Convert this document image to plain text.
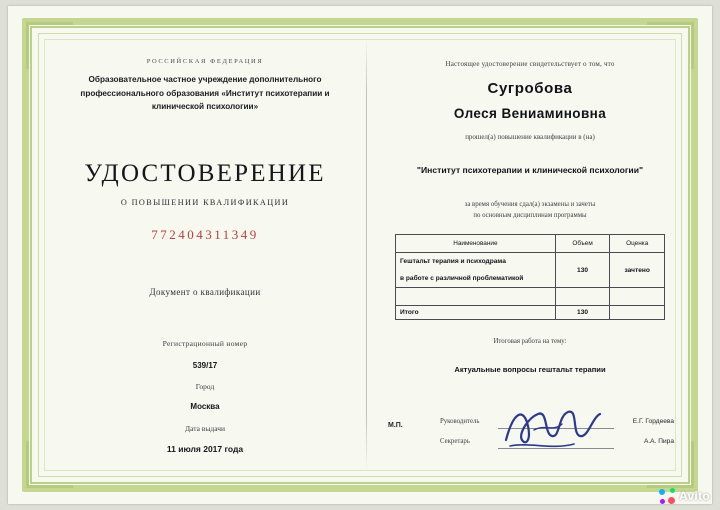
РОССИЙСКАЯ ФЕДЕРАЦИЯ
Образовательное частное учреждение дополнительного профессионального образования «Институт психотерапии и клинической психологии»
УДОСТОВЕРЕНИЕ
О ПОВЫШЕНИИ КВАЛИФИКАЦИИ
772404311349
Документ о квалификации
Регистрационный номер
539/17
Город
Москва
Дата выдачи
11 июля 2017 года
Настоящее удостоверение свидетельствует о том, что
Сугробова
Олеся Вениаминовна
прошел(а) повышение квалификации в (на)
"Институт психотерапии и клинической психологии"
за время обучения сдал(а) экзамены и зачеты
по основным дисциплинам программы
Наименование	Объем	Оценка
Гештальт терапия и психодрама	130	зачтено
в работе с различной проблематикой		

Итого	130	
Итоговая работа на тему:
Актуальные вопросы гештальт терапии
М.П.
Руководитель
Секретарь
Е.Г. Гордеева
А.А. Пира
Avito
